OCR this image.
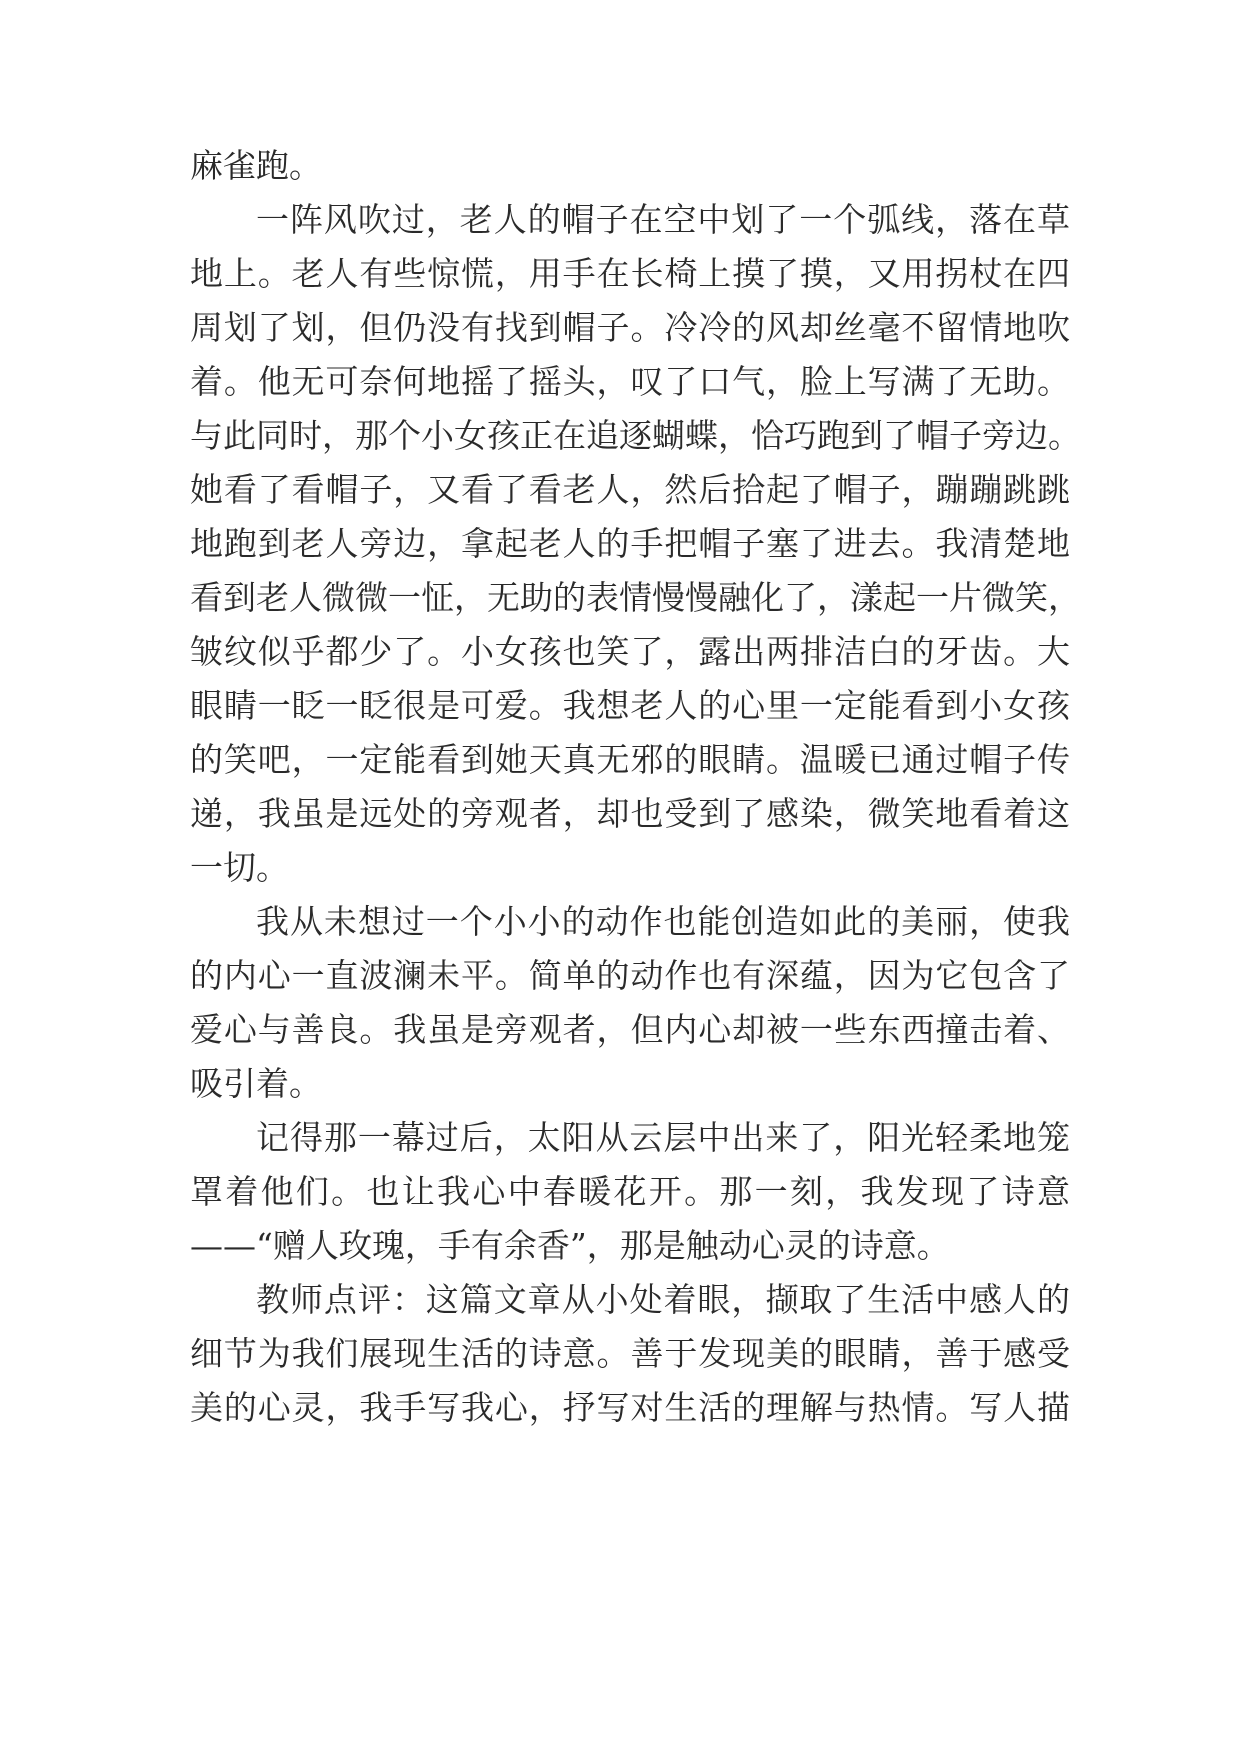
麻雀跑。
一阵风吹过，老人的帽子在空中划了一个弧线，落在草
地上。老人有些惊慌，用手在长椅上摸了摸，又用拐杖在四
周划了划，但仍没有找到帽子。冷冷的风却丝毫不留情地吹
着。他无可奈何地摇了摇头，叹了口气，脸上写满了无助。
与此同时，那个小女孩正在追逐蝴蝶，恰巧跑到了帽子旁边。
她看了看帽子，又看了看老人，然后拾起了帽子，蹦蹦跳跳
地跑到老人旁边，拿起老人的手把帽子塞了进去。我清楚地
看到老人微微一怔，无助的表情慢慢融化了，漾起一片微笑，
皱纹似乎都少了。小女孩也笑了，露出两排洁白的牙齿。大
眼睛一眨一眨很是可爱。我想老人的心里一定能看到小女孩
的笑吧，一定能看到她天真无邪的眼睛。温暖已通过帽子传
递，我虽是远处的旁观者，却也受到了感染，微笑地看着这
一切。
我从未想过一个小小的动作也能创造如此的美丽，使我
的内心一直波澜未平。简单的动作也有深蕴，因为它包含了
爱心与善良。我虽是旁观者，但内心却被一些东西撞击着、
吸引着。
记得那一幕过后，太阳从云层中出来了，阳光轻柔地笼
罩着他们。也让我心中春暖花开。那一刻，我发现了诗意
——“赠人玫瑰，手有余香”，那是触动心灵的诗意。
教师点评：这篇文章从小处着眼，撷取了生活中感人的
细节为我们展现生活的诗意。善于发现美的眼睛，善于感受
美的心灵，我手写我心，抒写对生活的理解与热情。写人描
